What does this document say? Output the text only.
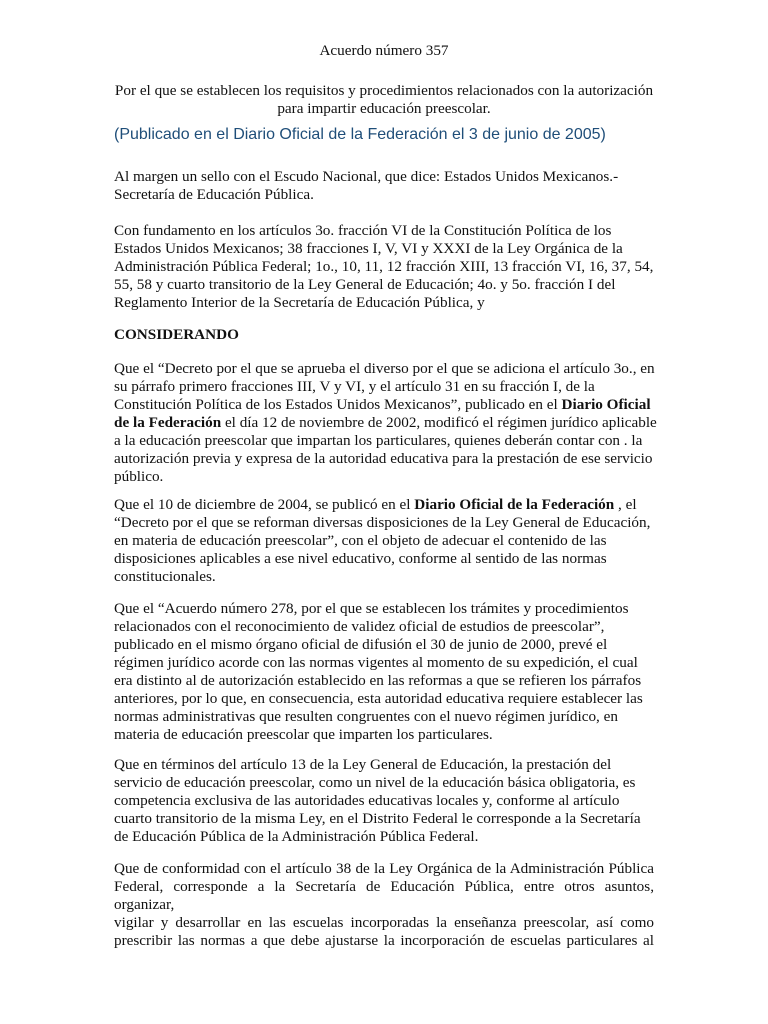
Acuerdo número 357

Por el que se establecen los requisitos y procedimientos relacionados con la autorización
para impartir educación preescolar.

(Publicado en el Diario Oficial de la Federación el 3 de junio de 2005)

Al margen un sello con el Escudo Nacional, que dice: Estados Unidos Mexicanos.-
Secretaría de Educación Pública.

Con fundamento en los artículos 3o. fracción VI de la Constitución Política de los
Estados Unidos Mexicanos; 38 fracciones I, V, VI y XXXI de la Ley Orgánica de la
Administración Pública Federal; 1o., 10, 11, 12 fracción XIII, 13 fracción VI, 16, 37, 54,
55, 58 y cuarto transitorio de la Ley General de Educación; 4o. y 5o. fracción I del
Reglamento Interior de la Secretaría de Educación Pública, y

CONSIDERANDO

Que el “Decreto por el que se aprueba el diverso por el que se adiciona el artículo 3o., en
su párrafo primero fracciones III, V y VI, y el artículo 31 en su fracción I, de la
Constitución Política de los Estados Unidos Mexicanos”, publicado en el Diario Oficial
de la Federación el día 12 de noviembre de 2002, modificó el régimen jurídico aplicable
a la educación preescolar que impartan los particulares, quienes deberán contar con . la
autorización previa y expresa de la autoridad educativa para la prestación de ese servicio
público.

Que el 10 de diciembre de 2004, se publicó en el Diario Oficial de la Federación , el
“Decreto por el que se reforman diversas disposiciones de la Ley General de Educación,
en materia de educación preescolar”, con el objeto de adecuar el contenido de las
disposiciones aplicables a ese nivel educativo, conforme al sentido de las normas
constitucionales.

Que el “Acuerdo número 278, por el que se establecen los trámites y procedimientos
relacionados con el reconocimiento de validez oficial de estudios de preescolar”,
publicado en el mismo órgano oficial de difusión el 30 de junio de 2000, prevé el
régimen jurídico acorde con las normas vigentes al momento de su expedición, el cual
era distinto al de autorización establecido en las reformas a que se refieren los párrafos
anteriores, por lo que, en consecuencia, esta autoridad educativa requiere establecer las
normas administrativas que resulten congruentes con el nuevo régimen jurídico, en
materia de educación preescolar que imparten los particulares.

Que en términos del artículo 13 de la Ley General de Educación, la prestación del
servicio de educación preescolar, como un nivel de la educación básica obligatoria, es
competencia exclusiva de las autoridades educativas locales y, conforme al artículo
cuarto transitorio de la misma Ley, en el Distrito Federal le corresponde a la Secretaría
de Educación Pública de la Administración Pública Federal.

Que de conformidad con el artículo 38 de la Ley Orgánica de la Administración Pública
Federal, corresponde a la Secretaría de Educación Pública, entre otros asuntos, organizar,
vigilar y desarrollar en las escuelas incorporadas la enseñanza preescolar, así como
prescribir las normas a que debe ajustarse la incorporación de escuelas particulares al
